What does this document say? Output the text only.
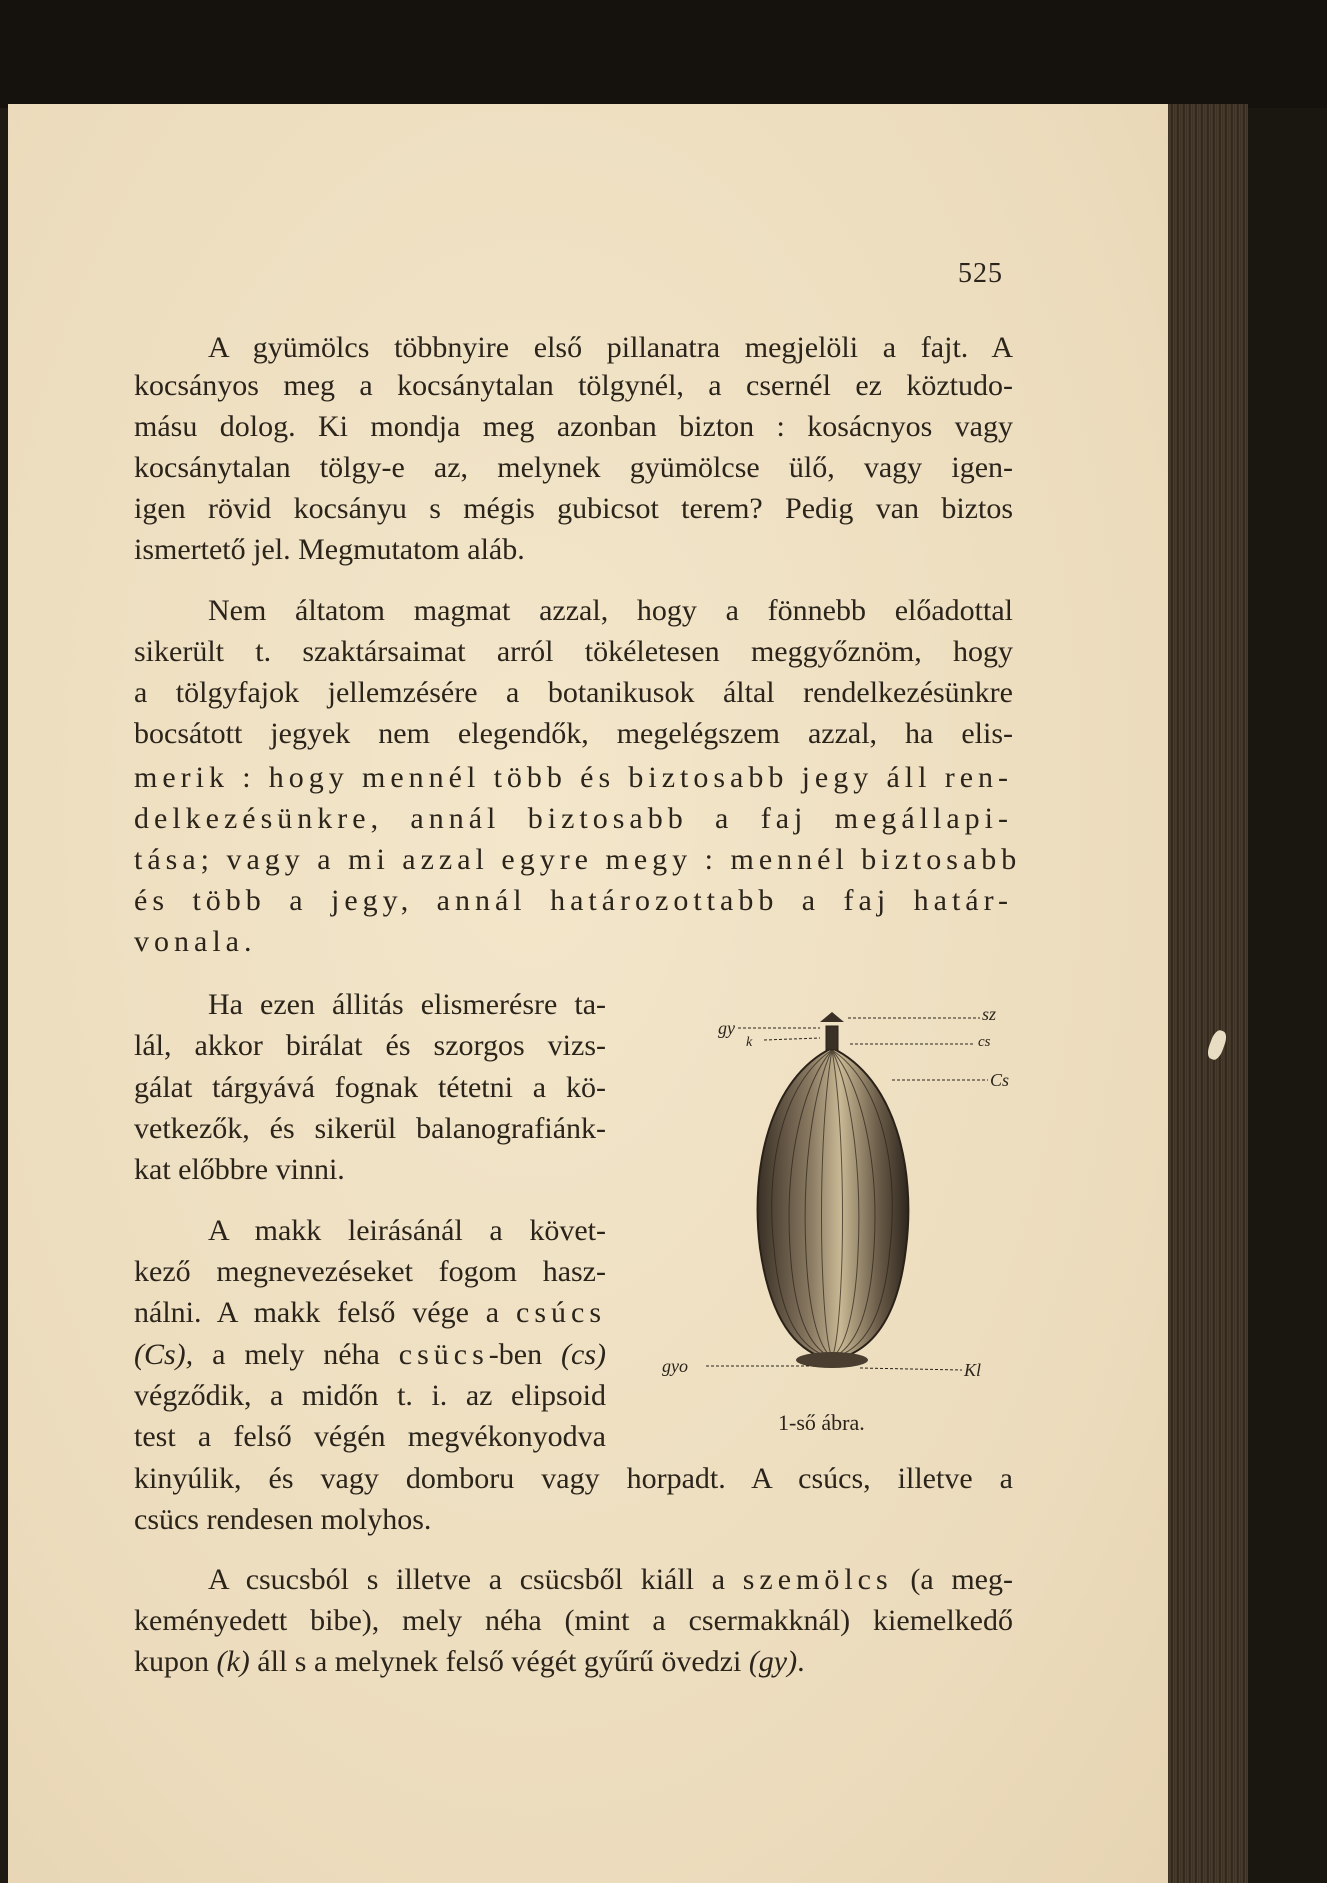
525
A gyümölcs többnyire első pillanatra megjelöli a fajt. A
kocsányos meg a kocsánytalan tölgynél, a csernél ez köztudo-
másu dolog. Ki mondja meg azonban bizton : kosácnyos vagy
kocsánytalan tölgy-e az, melynek gyümölcse ülő, vagy igen-
igen rövid kocsányu s mégis gubicsot terem? Pedig van biztos
ismertető jel. Megmutatom aláb.
Nem áltatom magmat azzal, hogy a fönnebb előadottal
sikerült t. szaktársaimat arról tökéletesen meggyőznöm, hogy
a tölgyfajok jellemzésére a botanikusok által rendelkezésünkre
bocsátott jegyek nem elegendők, megelégszem azzal, ha elis-
merik : hogy mennél több és biztosabb jegy áll ren-
delkezésünkre, annál biztosabb a faj megállapi-
tása; vagy a mi azzal egyre megy : mennél biztosabb
és több a jegy, annál határozottabb a faj határ-
vonala.
Ha ezen állitás elismerésre ta-
lál, akkor birálat és szorgos vizs-
gálat tárgyává fognak tétetni a kö-
vetkezők, és sikerül balanografiánk-
kat előbbre vinni.
A makk leirásánál a követ-
kező megnevezéseket fogom hasz-
nálni. A makk felső vége a csúcs
(Cs), a mely néha csücs-ben (cs)
végződik, a midőn t. i. az elipsoid
test a felső végén megvékonyodva
kinyúlik, és vagy domboru vagy horpadt. A csúcs, illetve a
csücs rendesen molyhos.
A csucsból s illetve a csücsből kiáll a szemölcs (a meg-
keményedett bibe), mely néha (mint a csermakknál) kiemelkedő
kupon (k) áll s a melynek felső végét gyűrű övedzi (gy).
sz
gy
k	cs
Cs
gyo	Kl
1-ső ábra.
